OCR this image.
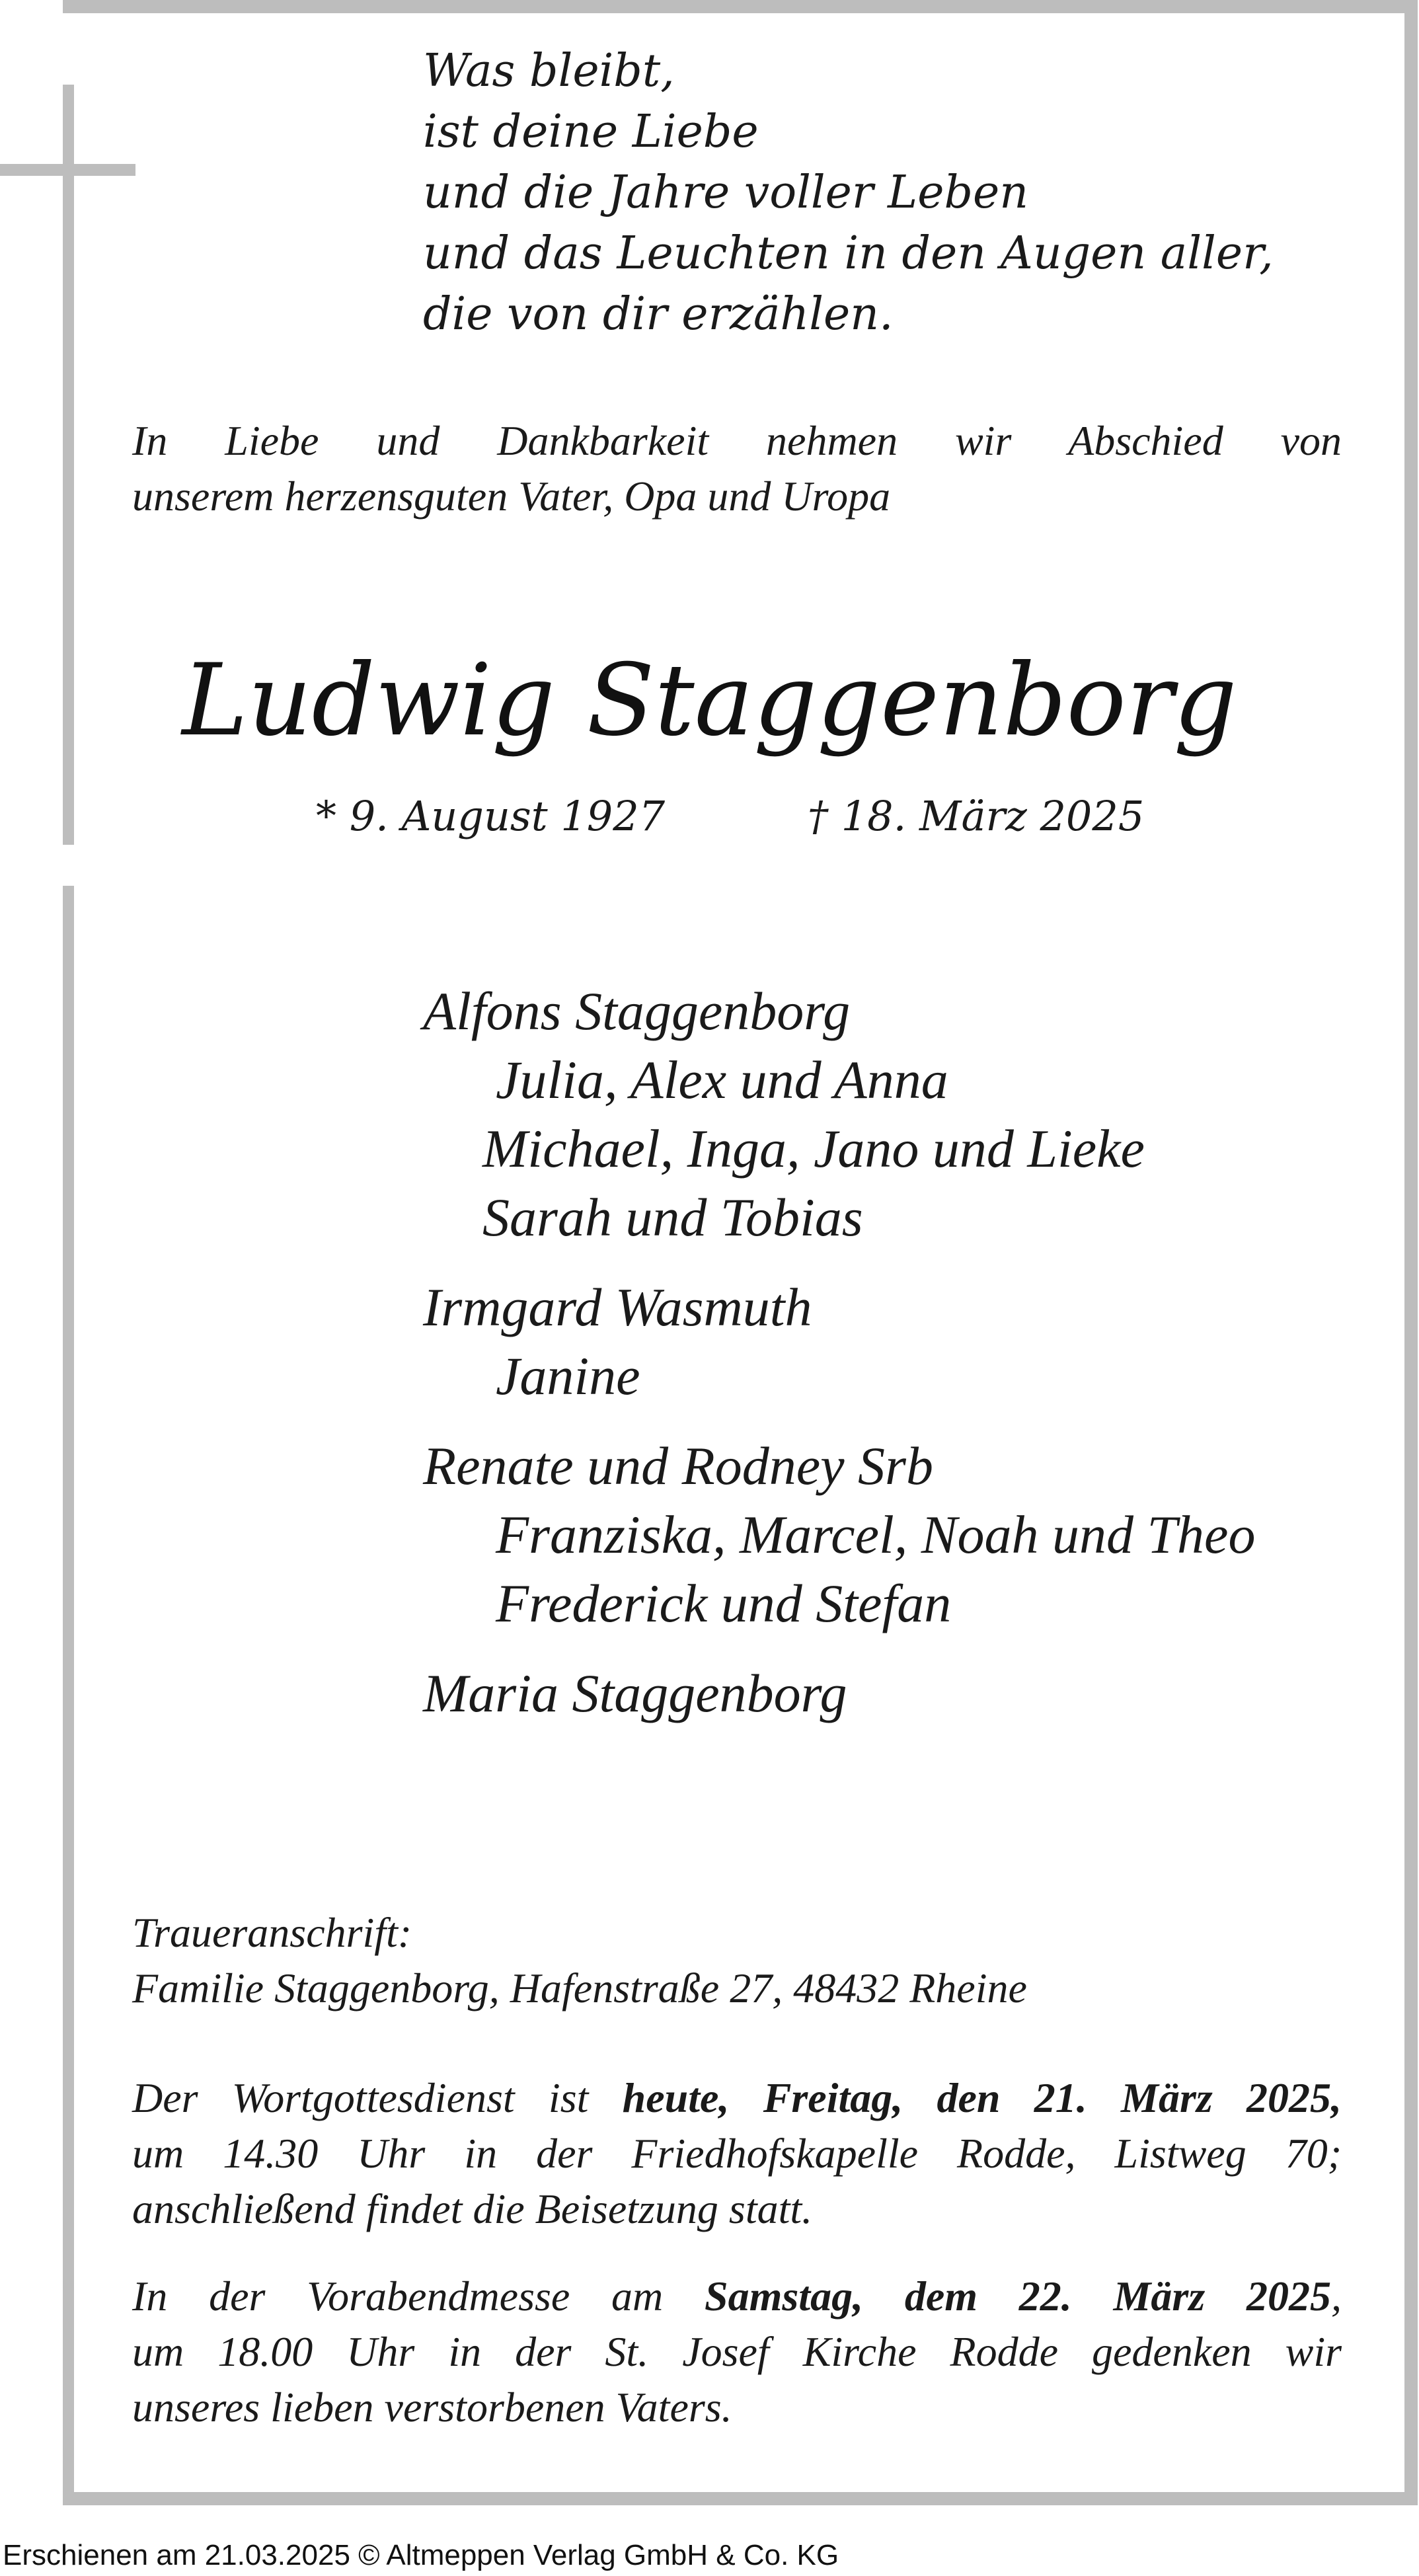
Was bleibt,
ist deine Liebe
und die Jahre voller Leben
und das Leuchten in den Augen aller,
die von dir erzählen.
In Liebe und Dankbarkeit nehmen wir Abschied von
unserem herzensguten Vater, Opa und Uropa
Ludwig Staggenborg
* 9. August 1927	† 18. März 2025
Alfons Staggenborg
Julia, Alex und Anna
Michael, Inga, Jano und Lieke
Sarah und Tobias
Irmgard Wasmuth
Janine
Renate und Rodney Srb
Franziska, Marcel, Noah und Theo
Frederick und Stefan
Maria Staggenborg
Traueranschrift:
Familie Staggenborg, Hafenstraße 27, 48432 Rheine
Der Wortgottesdienst ist heute, Freitag, den 21. März 2025,
um 14.30 Uhr in der Friedhofskapelle Rodde, Listweg 70;
anschließend findet die Beisetzung statt.
In der Vorabendmesse am Samstag, dem 22. März 2025,
um 18.00 Uhr in der St. Josef Kirche Rodde gedenken wir
unseres lieben verstorbenen Vaters.
Erschienen am 21.03.2025 © Altmeppen Verlag GmbH & Co. KG
